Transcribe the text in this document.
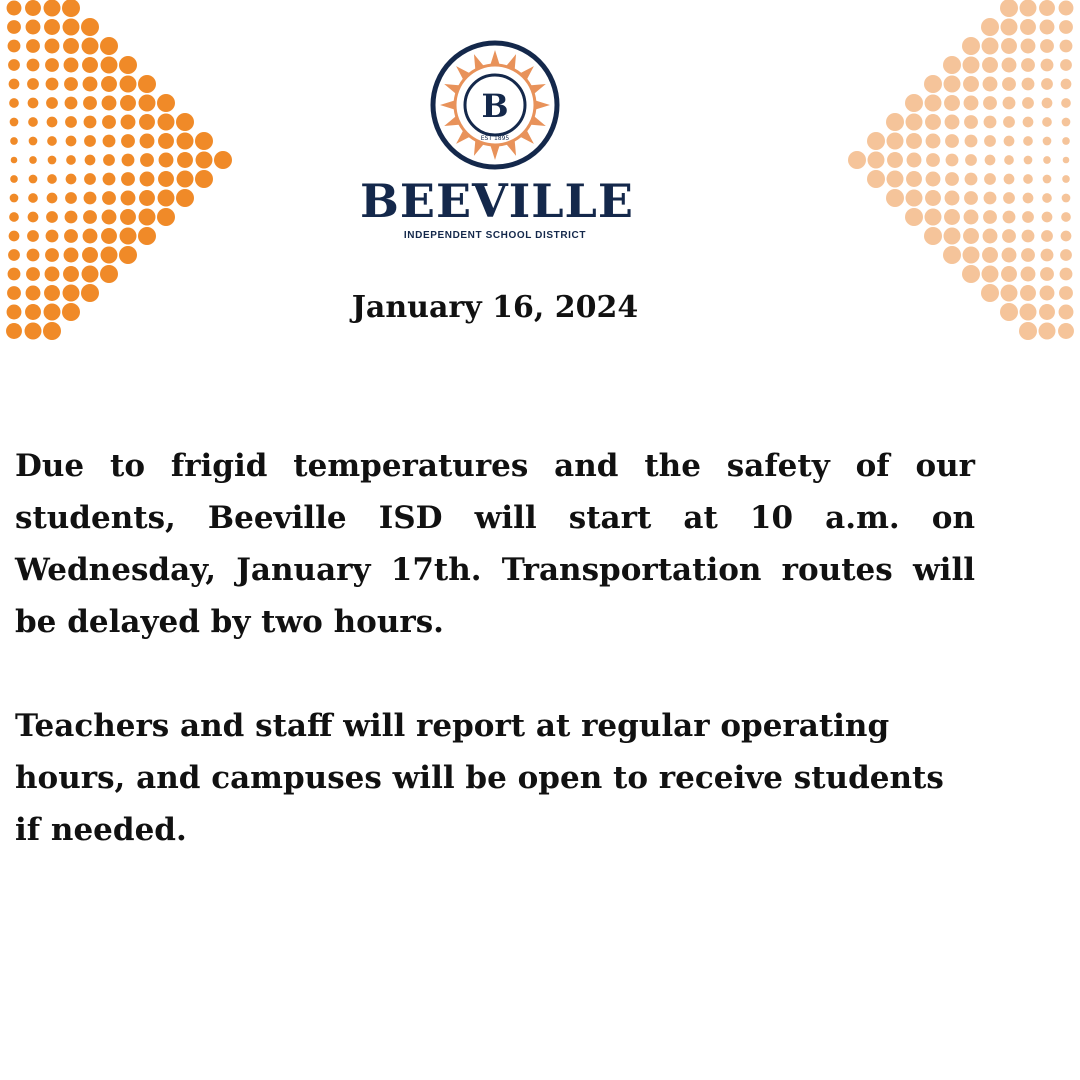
B
EST 1895
BEEVILLE
INDEPENDENT SCHOOL DISTRICT
January 16, 2024

Due to frigid temperatures and the safety of our students, Beeville ISD will start at 10 a.m. on Wednesday, January 17th. Transportation routes will be delayed by two hours.

Teachers and staff will report at regular operating hours, and campuses will be open to receive students if needed.
